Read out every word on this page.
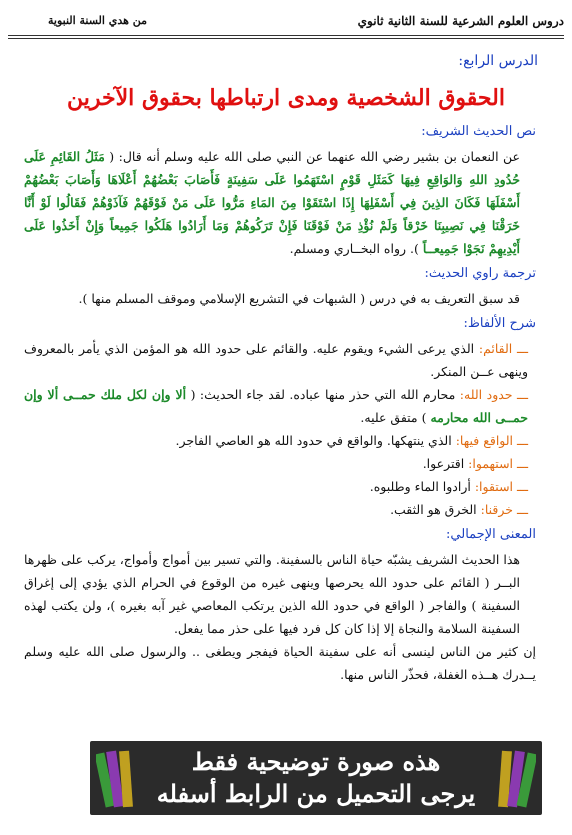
دروس العلوم الشرعية للسنة الثانية ثانوي
من هدي السنة النبوية
الدرس الرابع:
الحقوق الشخصية ومدى ارتباطها بحقوق الآخرين
نص الحديث الشريف:

عن النعمان بن بشير رضي الله عنهما عن النبي صلى الله عليه وسلم أنه قال: ( مَثَلُ القَائِمِ عَلَى حُدُودِ اللهِ وَالوَاقِعِ فِيهَا كَمَثَلِ قَوْمٍ اسْتَهَمُوا عَلَى سَفِينَةٍ فَأَصَابَ بَعْضُهُمْ أَعْلَاهَا وَأَصَابَ بَعْضُهُمْ أَسْفَلَهَا فَكَانَ الذِينَ فِي أَسْفَلِهَا إِذَا اسْتَقَوْا مِنَ المَاءِ مَرُّوا عَلَى مَنْ فَوْقَهُمْ فَآذَوْهُمْ فَقَالُوا لَوْ أَنَّا خَرَقْنَا فِي نَصِيبِنَا خَرْقاً وَلَمْ نُؤْذِ مَنْ فَوْقَنَا فَإِنْ تَرَكُوهُمْ وَمَا أَرَادُوا هَلَكُوا جَمِيعاً وَإِنْ أَخَذُوا عَلَى أَيْدِيهِمْ نَجَوْا جَمِيعــاً ). رواه البخــاري ومسلم.

ترجمة راوي الحديث:

قد سبق التعريف به في درس ( الشبهات في التشريع الإسلامي وموقف المسلم منها ).

شرح الألفاظ:

ـــ القائم: الذي يرعى الشيء ويقوم عليه. والقائم على حدود الله هو المؤمن الذي يأمر بالمعروف وينهى عــن المنكر.

ـــ حدود الله: محارم الله التي حذر منها عباده. لقد جاء الحديث: ( ألا وإن لكل ملك حمــى ألا وإن حمــى الله محارمه ) متفق عليه.

ـــ الواقع فيها: الذي ينتهكها. والواقع في حدود الله هو العاصي الفاجر.

ـــ استهموا: اقترعوا.

ـــ استقوا: أرادوا الماء وطلبوه.

ـــ خرقنا: الخرق هو الثقب.

المعنى الإجمالي:

هذا الحديث الشريف يشبّه حياة الناس بالسفينة. والتي تسير بين أمواج وأمواج، يركب على ظهرها البــر ( القائم على حدود الله يحرصها وينهى غيره من الوقوع في الحرام الذي يؤدي إلى إغراق السفينة ) والفاجر ( الواقع في حدود الله الذين يرتكب المعاصي غير آبه بغيره )، ولن يكتب لهذه السفينة السلامة والنجاة إلا إذا كان كل فرد فيها على حذر مما يفعل.

إن كثير من الناس لينسى أنه على سفينة الحياة فيفجر ويطغى .. والرسول صلى الله عليه وسلم يــدرك هــذه الغفلة، فحذّر الناس منها.

هذه صورة توضيحية فقط
يرجى التحميل من الرابط أسفله
